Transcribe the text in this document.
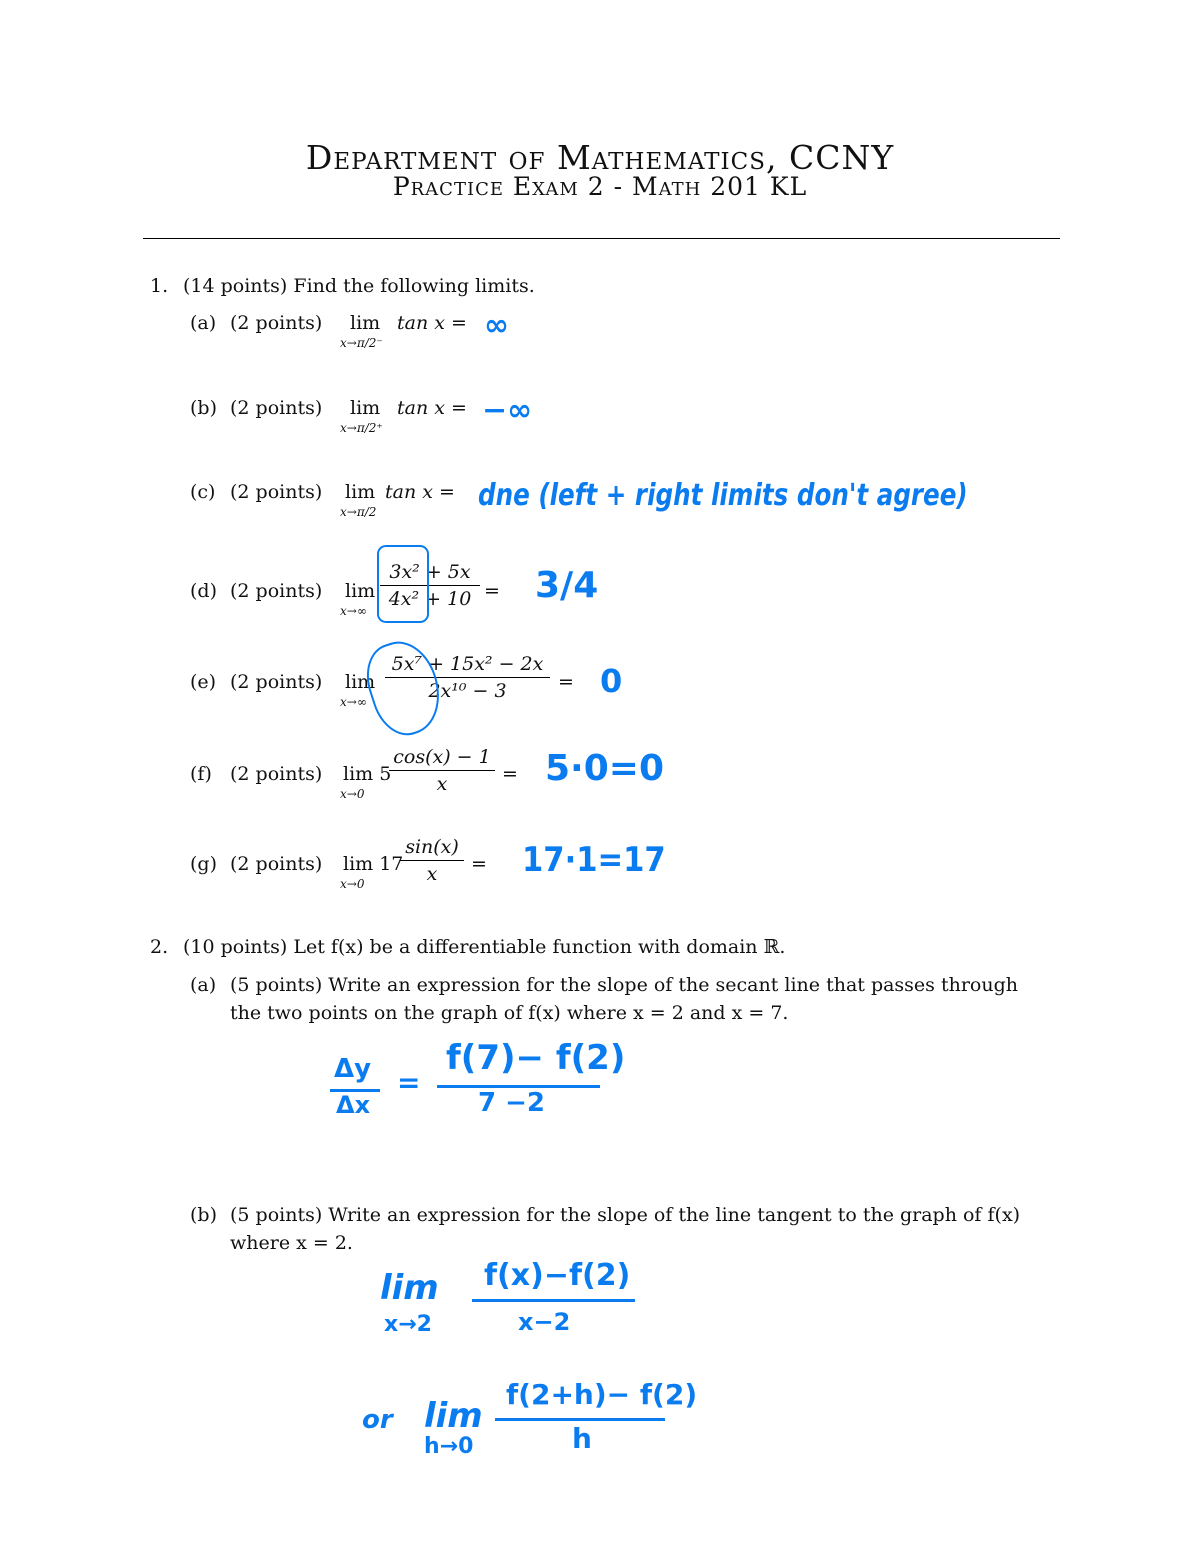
Department of Mathematics, CCNY
Practice Exam 2 - Math 201 KL
1. (14 points) Find the following limits.
(a) (2 points) lim
x→π/2⁻
tan x = ∞
(b) (2 points) lim
x→π/2⁺
tan x = −∞
(c) (2 points) lim
x→π/2
tan x = dne (left + right limits don't agree)
(d) (2 points) lim
x→∞
3x² + 5x
4x² + 10 = 3/4
(e) (2 points) lim
x→∞
5x⁷ + 15x² − 2x
2x¹⁰ − 3	= 0
(f) (2 points) lim 5
x→0
cos(x) − 1
x	= 5·0=0
(g) (2 points) lim 17
x→0
sin(x)
x	= 17·1=17
2. (10 points) Let f(x) be a differentiable function with domain ℝ.
(a) (5 points) Write an expression for the slope of the secant line that passes through
the two points on the graph of f(x) where x = 2 and x = 7.
Δy
Δx
=
f(7)− f(2)
7 −2
(b) (5 points) Write an expression for the slope of the line tangent to the graph of f(x)
where x = 2.
lim
x→2
f(x)−f(2)
x−2
or lim
h→0
f(2+h)− f(2)
h
